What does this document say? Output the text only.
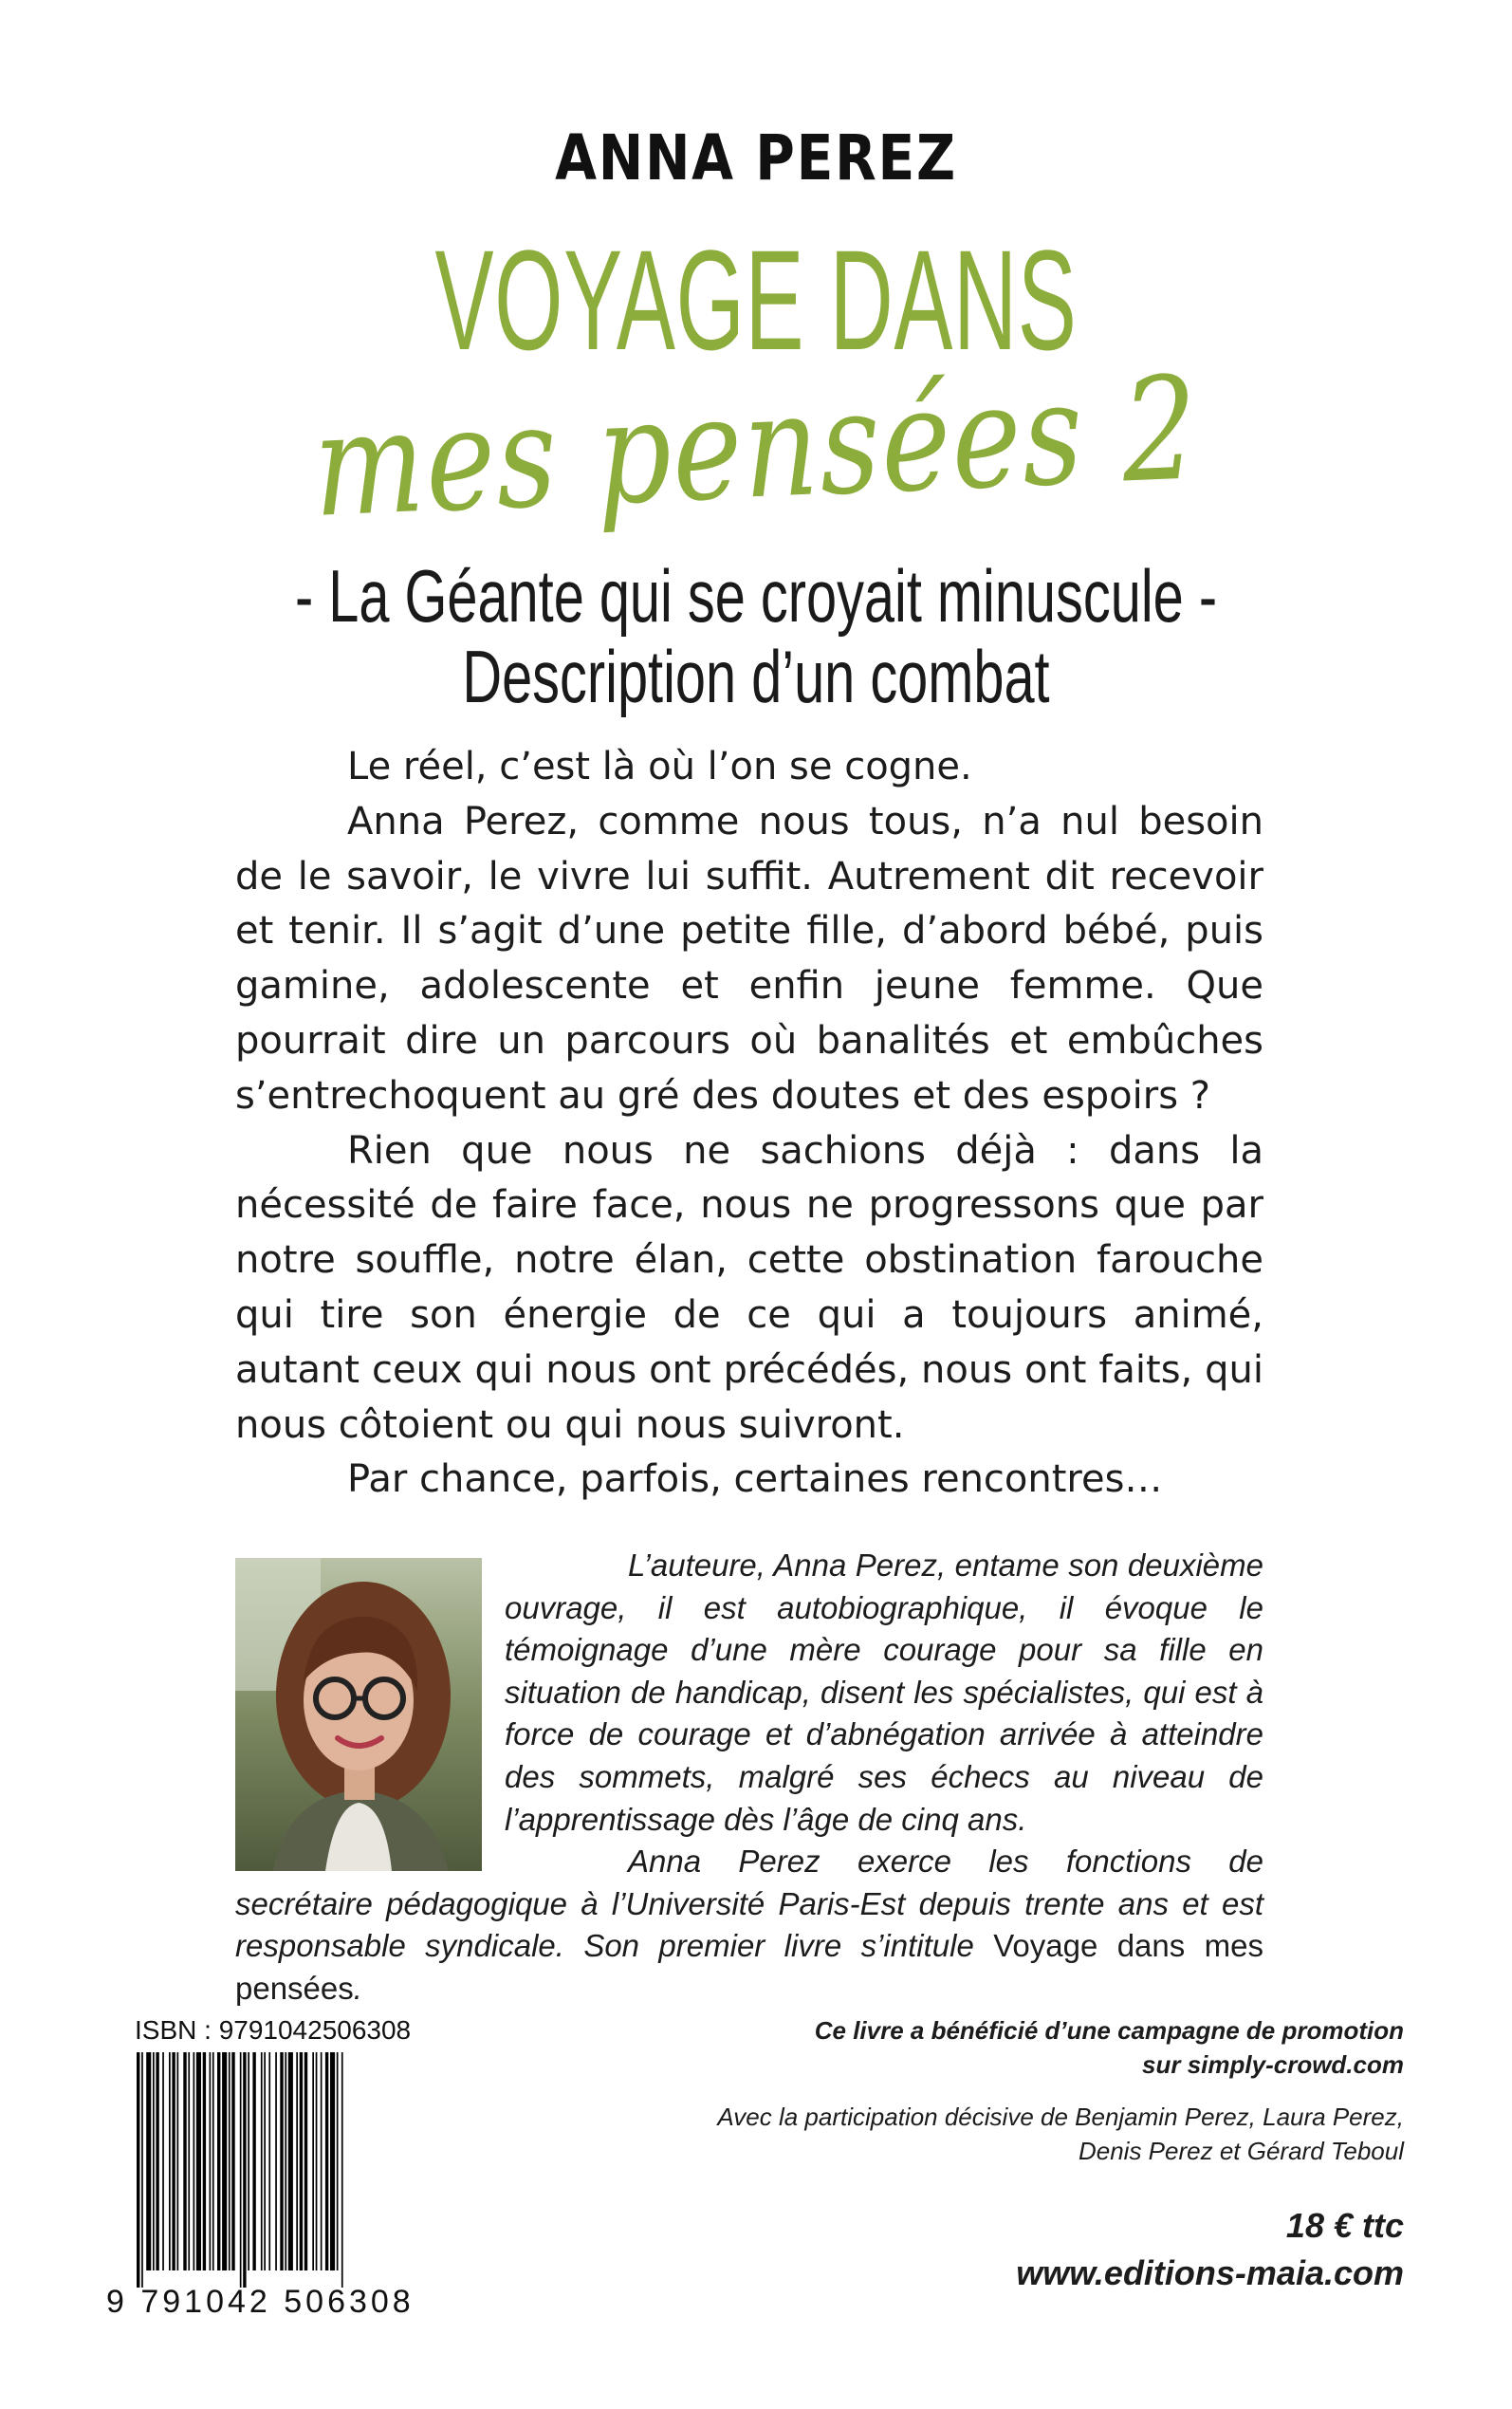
ANNA PEREZ
VOYAGE DANS
mes pensées 2
- La Géante qui se croyait minuscule -
Description d’un combat

Le réel, c’est là où l’on se cogne.

Anna Perez, comme nous tous, n’a nul besoin de le savoir, le vivre lui suffit. Autrement dit recevoir et tenir. Il s’agit d’une petite fille, d’abord bébé, puis gamine, adolescente et enfin jeune femme. Que pourrait dire un parcours où banalités et embûches s’entrechoquent au gré des doutes et des espoirs ?

Rien que nous ne sachions déjà : dans la nécessité de faire face, nous ne progressons que par notre souffle, notre élan, cette obstination farouche qui tire son énergie de ce qui a toujours animé, autant ceux qui nous ont précédés, nous ont faits, qui nous côtoient ou qui nous suivront.

Par chance, parfois, certaines rencontres…

L’auteure, Anna Perez, entame son deuxième ouvrage, il est autobiographique, il évoque le témoignage d’une mère courage pour sa fille en situation de handicap, disent les spécialistes, qui est à force de courage et d’abnégation arrivée à atteindre des sommets, malgré ses échecs au niveau de l’apprentissage dès l’âge de cinq ans.

Anna Perez exerce les fonctions de secrétaire pédagogique à l’Université Paris-Est depuis trente ans et est responsable syndicale. Son premier livre s’intitule Voyage dans mes pensées.

ISBN : 9791042506308
9 791042 506308
Ce livre a bénéficié d’une campagne de promotion
sur simply-crowd.com
Avec la participation décisive de Benjamin Perez, Laura Perez,
Denis Perez et Gérard Teboul
18 € ttc
www.editions-maia.com
